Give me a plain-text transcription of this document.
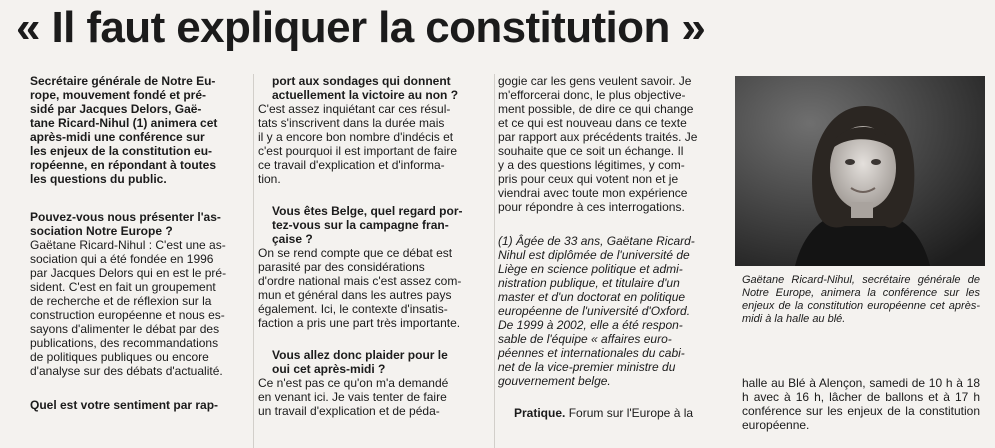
« Il faut expliquer la constitution »

Secrétaire générale de Notre Eu-

rope, mouvement fondé et pré-

sidé par Jacques Delors, Gaë-

tane Ricard-Nihul (1) animera cet

après-midi une conférence sur

les enjeux de la constitution eu-

ropéenne, en répondant à toutes

les questions du public.

Pouvez-vous nous présenter l'as-

sociation Notre Europe ?

Gaëtane Ricard-Nihul : C'est une as-

sociation qui a été fondée en 1996

par Jacques Delors qui en est le pré-

sident. C'est en fait un groupement

de recherche et de réflexion sur la

construction européenne et nous es-

sayons d'alimenter le débat par des

publications, des recommandations

de politiques publiques ou encore

d'analyse sur des débats d'actualité.

Quel est votre sentiment par rap-

port aux sondages qui donnent

actuellement la victoire au non ?

C'est assez inquiétant car ces résul-

tats s'inscrivent dans la durée mais

il y a encore bon nombre d'indécis et

c'est pourquoi il est important de faire

ce travail d'explication et d'informa-

tion.

Vous êtes Belge, quel regard por-

tez-vous sur la campagne fran-

çaise ?

On se rend compte que ce débat est

parasité par des considérations

d'ordre national mais c'est assez com-

mun et général dans les autres pays

également. Ici, le contexte d'insatis-

faction a pris une part très importante.

Vous allez donc plaider pour le

oui cet après-midi ?

Ce n'est pas ce qu'on m'a demandé

en venant ici. Je vais tenter de faire

un travail d'explication et de péda-

gogie car les gens veulent savoir. Je

m'efforcerai donc, le plus objective-

ment possible, de dire ce qui change

et ce qui est nouveau dans ce texte

par rapport aux précédents traités. Je

souhaite que ce soit un échange. Il

y a des questions légitimes, y com-

pris pour ceux qui votent non et je

viendrai avec toute mon expérience

pour répondre à ces interrogations.

(1) Âgée de 33 ans, Gaëtane Ricard-

Nihul est diplômée de l'université de

Liège en science politique et admi-

nistration publique, et titulaire d'un

master et d'un doctorat en politique

européenne de l'université d'Oxford.

De 1999 à 2002, elle a été respon-

sable de l'équipe « affaires euro-

péennes et internationales du cabi-

net de la vice-premier ministre du

gouvernement belge.

Pratique. Forum sur l'Europe à la

Gaëtane Ricard-Nihul, secrétaire générale de Notre Europe, animera la conférence sur les enjeux de la constitution européenne cet après-midi à la halle au blé.
halle au Blé à Alençon, samedi de 10 h à 18 h avec à 16 h, lâcher de ballons et à 17 h conférence sur les enjeux de la constitution européenne.
